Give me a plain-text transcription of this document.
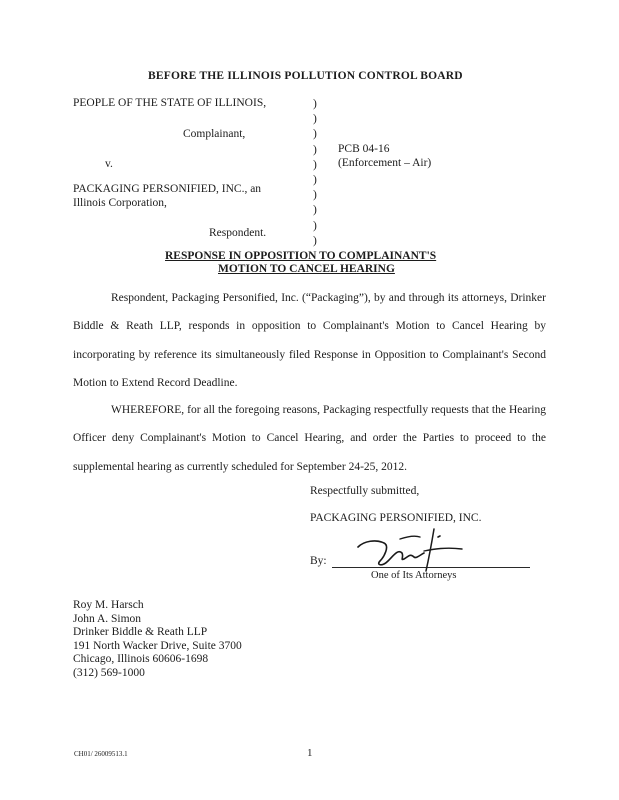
BEFORE THE ILLINOIS POLLUTION CONTROL BOARD
PEOPLE OF THE STATE OF ILLINOIS,
Complainant,
v.
PACKAGING PERSONIFIED, INC., an
Illinois Corporation,
Respondent.
)
)
)
)
)
)
)
)
)
)
PCB 04-16
(Enforcement – Air)
RESPONSE IN OPPOSITION TO COMPLAINANT'S
MOTION TO CANCEL HEARING
Respondent, Packaging Personified, Inc. (“Packaging”), by and through its attorneys, Drinker Biddle & Reath LLP, responds in opposition to Complainant's Motion to Cancel Hearing by incorporating by reference its simultaneously filed Response in Opposition to Complainant's Second Motion to Extend Record Deadline.
WHEREFORE, for all the foregoing reasons, Packaging respectfully requests that the Hearing Officer deny Complainant's Motion to Cancel Hearing, and order the Parties to proceed to the supplemental hearing as currently scheduled for September 24-25, 2012.
Respectfully submitted,
PACKAGING PERSONIFIED, INC.
By:
One of Its Attorneys
Roy M. Harsch
John A. Simon
Drinker Biddle & Reath LLP
191 North Wacker Drive, Suite 3700
Chicago, Illinois 60606-1698
(312) 569-1000
CH01/ 26009513.1	1
